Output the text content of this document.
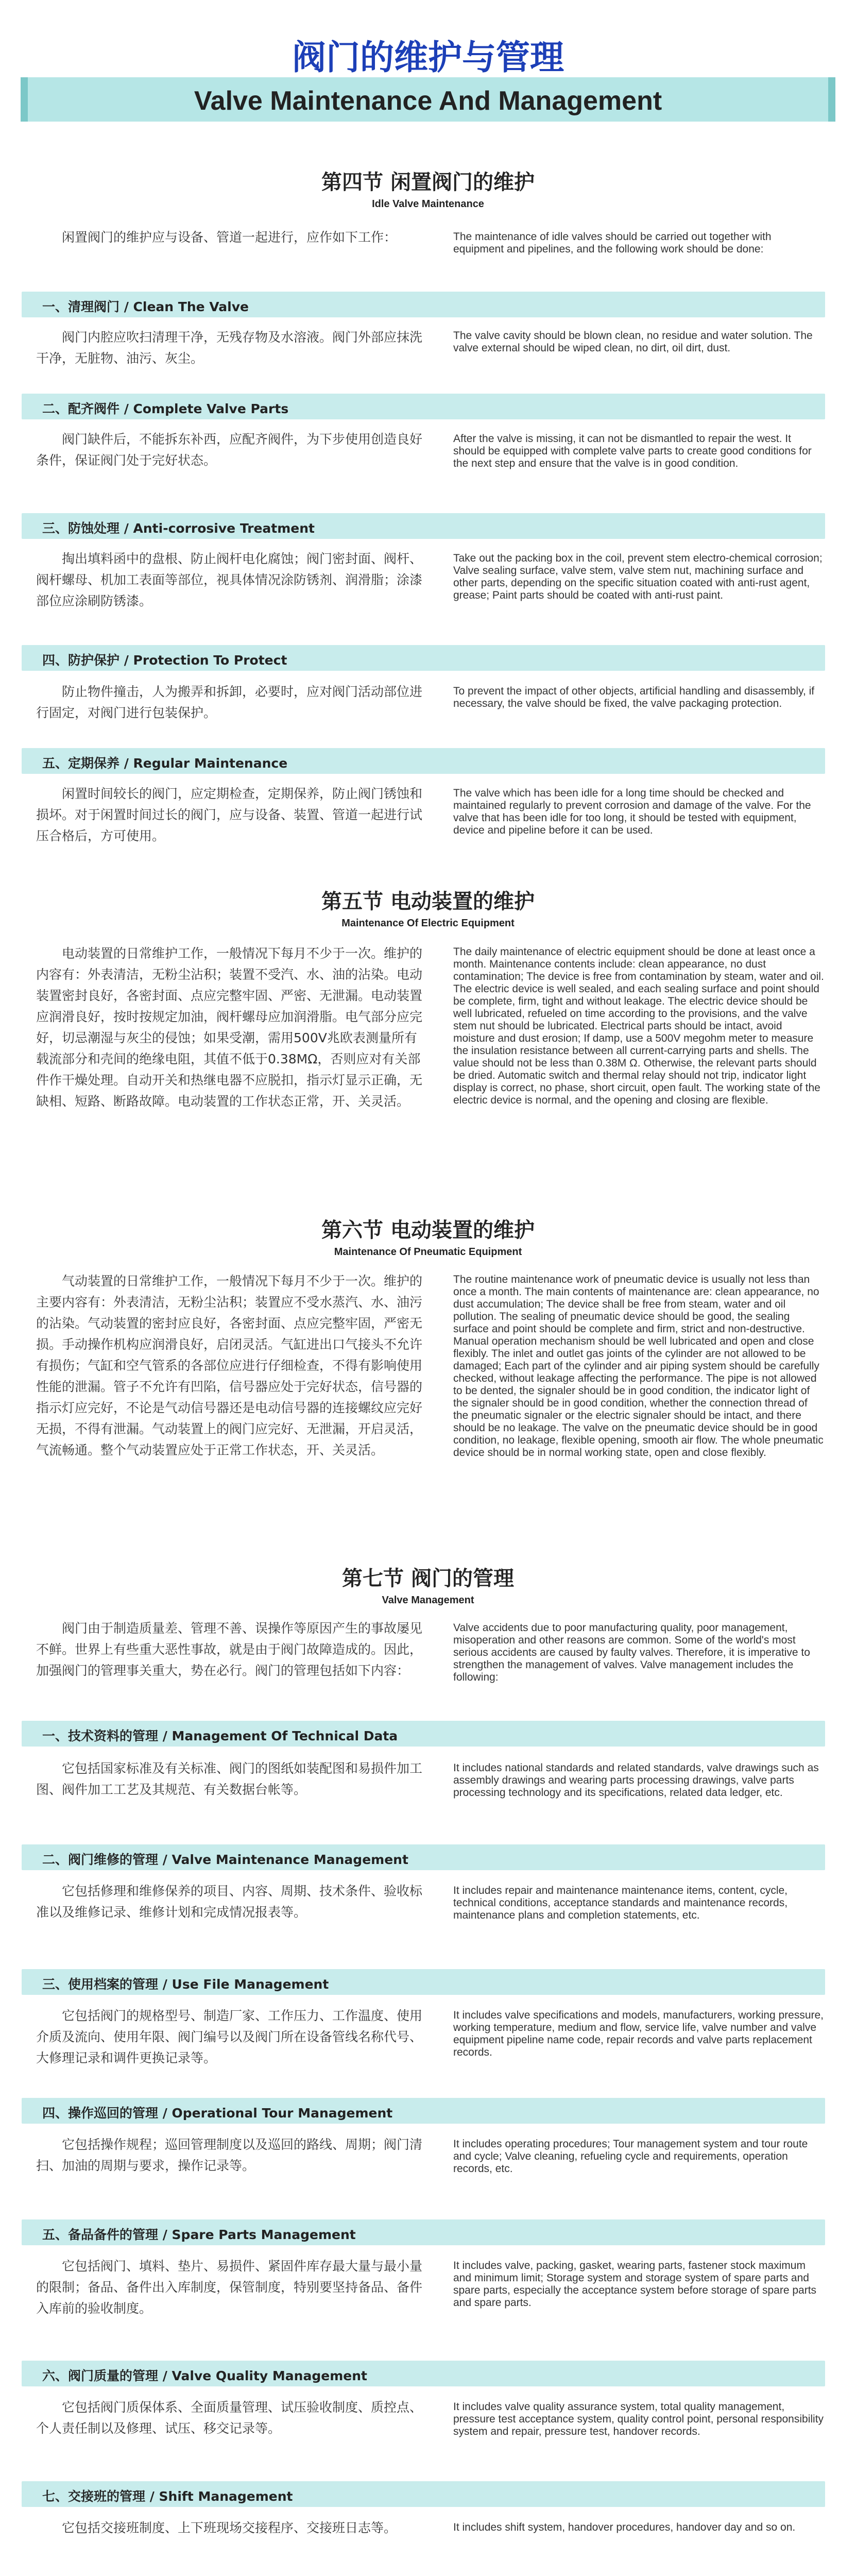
阀门的维护与管理
Valve Maintenance And Management
第四节 闲置阀门的维护
Idle Valve Maintenance

闲置阀门的维护应与设备、管道一起进行，应作如下工作：	The maintenance of idle valves should be carried out together with equipment and pipelines, and the following work should be done:

一、清理阀门 / Clean The Valve

阀门内腔应吹扫清理干净，无残存物及水溶液。阀门外部应抹洗干净，无脏物、油污、灰尘。

The valve cavity should be blown clean, no residue and water solution. The valve external should be wiped clean, no dirt, oil dirt, dust.

二、配齐阀件 / Complete Valve Parts

阀门缺件后，不能拆东补西，应配齐阀件，为下步使用创造良好条件，保证阀门处于完好状态。

After the valve is missing, it can not be dismantled to repair the west. It should be equipped with complete valve parts to create good conditions for the next step and ensure that the valve is in good condition.

三、防蚀处理 / Anti-corrosive Treatment

掏出填料函中的盘根、防止阀杆电化腐蚀；阀门密封面、阀杆、阀杆螺母、机加工表面等部位，视具体情况涂防锈剂、润滑脂；涂漆部位应涂刷防锈漆。

Take out the packing box in the coil, prevent stem electro-chemical corrosion; Valve sealing surface, valve stem, valve stem nut, machining surface and other parts, depending on the specific situation coated with anti-rust agent, grease; Paint parts should be coated with anti-rust paint.

四、防护保护 / Protection To Protect

防止物件撞击，人为搬弄和拆卸，必要时，应对阀门活动部位进行固定，对阀门进行包装保护。

To prevent the impact of other objects, artificial handling and disassembly, if necessary, the valve should be fixed, the valve packaging protection.

五、定期保养 / Regular Maintenance

闲置时间较长的阀门，应定期检查，定期保养，防止阀门锈蚀和损坏。对于闲置时间过长的阀门，应与设备、装置、管道一起进行试压合格后，方可使用。

The valve which has been idle for a long time should be checked and maintained regularly to prevent corrosion and damage of the valve. For the valve that has been idle for too long, it should be tested with equipment, device and pipeline before it can be used.

第五节 电动装置的维护
Maintenance Of Electric Equipment

电动装置的日常维护工作，一般情况下每月不少于一次。维护的内容有：外表清洁，无粉尘沾积；装置不受汽、水、油的沾染。电动装置密封良好，各密封面、点应完整牢固、严密、无泄漏。电动装置应润滑良好，按时按规定加油，阀杆螺母应加润滑脂。电气部分应完好，切忌潮湿与灰尘的侵蚀；如果受潮，需用500V兆欧表测量所有载流部分和壳间的绝缘电阻，其值不低于0.38MΩ，否则应对有关部件作干燥处理。自动开关和热继电器不应脱扣，指示灯显示正确，无缺相、短路、断路故障。电动装置的工作状态正常，开、关灵活。

The daily maintenance of electric equipment should be done at least once a month. Maintenance contents include: clean appearance, no dust contamination; The device is free from contamination by steam, water and oil. The electric device is well sealed, and each sealing surface and point should be complete, firm, tight and without leakage. The electric device should be well lubricated, refueled on time according to the provisions, and the valve stem nut should be lubricated. Electrical parts should be intact, avoid moisture and dust erosion; If damp, use a 500V megohm meter to measure the insulation resistance between all current-carrying parts and shells. The value should not be less than 0.38M Ω. Otherwise, the relevant parts should be dried. Automatic switch and thermal relay should not trip, indicator light display is correct, no phase, short circuit, open fault. The working state of the electric device is normal, and the opening and closing are flexible.

第六节 电动装置的维护
Maintenance Of Pneumatic Equipment

气动装置的日常维护工作，一般情况下每月不少于一次。维护的主要内容有：外表清洁，无粉尘沾积；装置应不受水蒸汽、水、油污的沾染。气动装置的密封应良好，各密封面、点应完整牢固，严密无损。手动操作机构应润滑良好，启闭灵活。气缸进出口气接头不允许有损伤；气缸和空气管系的各部位应进行仔细检查，不得有影响使用性能的泄漏。管子不允许有凹陷，信号器应处于完好状态，信号器的指示灯应完好，不论是气动信号器还是电动信号器的连接螺纹应完好无损，不得有泄漏。气动装置上的阀门应完好、无泄漏，开启灵活，气流畅通。整个气动装置应处于正常工作状态，开、关灵活。

The routine maintenance work of pneumatic device is usually not less than once a month. The main contents of maintenance are: clean appearance, no dust accumulation; The device shall be free from steam, water and oil pollution. The sealing of pneumatic device should be good, the sealing surface and point should be complete and firm, strict and non-destructive. Manual operation mechanism should be well lubricated and open and close flexibly. The inlet and outlet gas joints of the cylinder are not allowed to be damaged; Each part of the cylinder and air piping system should be carefully checked, without leakage affecting the performance. The pipe is not allowed to be dented, the signaler should be in good condition, the indicator light of the signaler should be in good condition, whether the connection thread of the pneumatic signaler or the electric signaler should be intact, and there should be no leakage. The valve on the pneumatic device should be in good condition, no leakage, flexible opening, smooth air flow. The whole pneumatic device should be in normal working state, open and close flexibly.

第七节 阀门的管理
Valve Management

阀门由于制造质量差、管理不善、误操作等原因产生的事故屡见不鲜。世界上有些重大恶性事故，就是由于阀门故障造成的。因此，加强阀门的管理事关重大，势在必行。阀门的管理包括如下内容：

Valve accidents due to poor manufacturing quality, poor management, misoperation and other reasons are common. Some of the world's most serious accidents are caused by faulty valves. Therefore, it is imperative to strengthen the management of valves. Valve management includes the following:

一、技术资料的管理 / Management Of Technical Data

它包括国家标准及有关标准、阀门的图纸如装配图和易损件加工图、阀件加工工艺及其规范、有关数据台帐等。

It includes national standards and related standards, valve drawings such as assembly drawings and wearing parts processing drawings, valve parts processing technology and its specifications, related data ledger, etc.

二、阀门维修的管理 / Valve Maintenance Management

它包括修理和维修保养的项目、内容、周期、技术条件、验收标准以及维修记录、维修计划和完成情况报表等。

It includes repair and maintenance maintenance items, content, cycle, technical conditions, acceptance standards and maintenance records, maintenance plans and completion statements, etc.

三、使用档案的管理 / Use File Management

它包括阀门的规格型号、制造厂家、工作压力、工作温度、使用介质及流向、使用年限、阀门编号以及阀门所在设备管线名称代号、大修理记录和调件更换记录等。

It includes valve specifications and models, manufacturers, working pressure, working temperature, medium and flow, service life, valve number and valve equipment pipeline name code, repair records and valve parts replacement records.

四、操作巡回的管理 / Operational Tour Management

它包括操作规程；巡回管理制度以及巡回的路线、周期；阀门清扫、加油的周期与要求，操作记录等。

It includes operating procedures; Tour management system and tour route and cycle; Valve cleaning, refueling cycle and requirements, operation records, etc.

五、备品备件的管理 / Spare Parts Management

它包括阀门、填料、垫片、易损件、紧固件库存最大量与最小量的限制；备品、备件出入库制度，保管制度，特别要坚持备品、备件入库前的验收制度。

It includes valve, packing, gasket, wearing parts, fastener stock maximum and minimum limit; Storage system and storage system of spare parts and spare parts, especially the acceptance system before storage of spare parts and spare parts.

六、阀门质量的管理 / Valve Quality Management

它包括阀门质保体系、全面质量管理、试压验收制度、质控点、个人责任制以及修理、试压、移交记录等。

It includes valve quality assurance system, total quality management, pressure test acceptance system, quality control point, personal responsibility system and repair, pressure test, handover records.

七、交接班的管理 / Shift Management

它包括交接班制度、上下班现场交接程序、交接班日志等。	It includes shift system, handover procedures, handover day and so on.
